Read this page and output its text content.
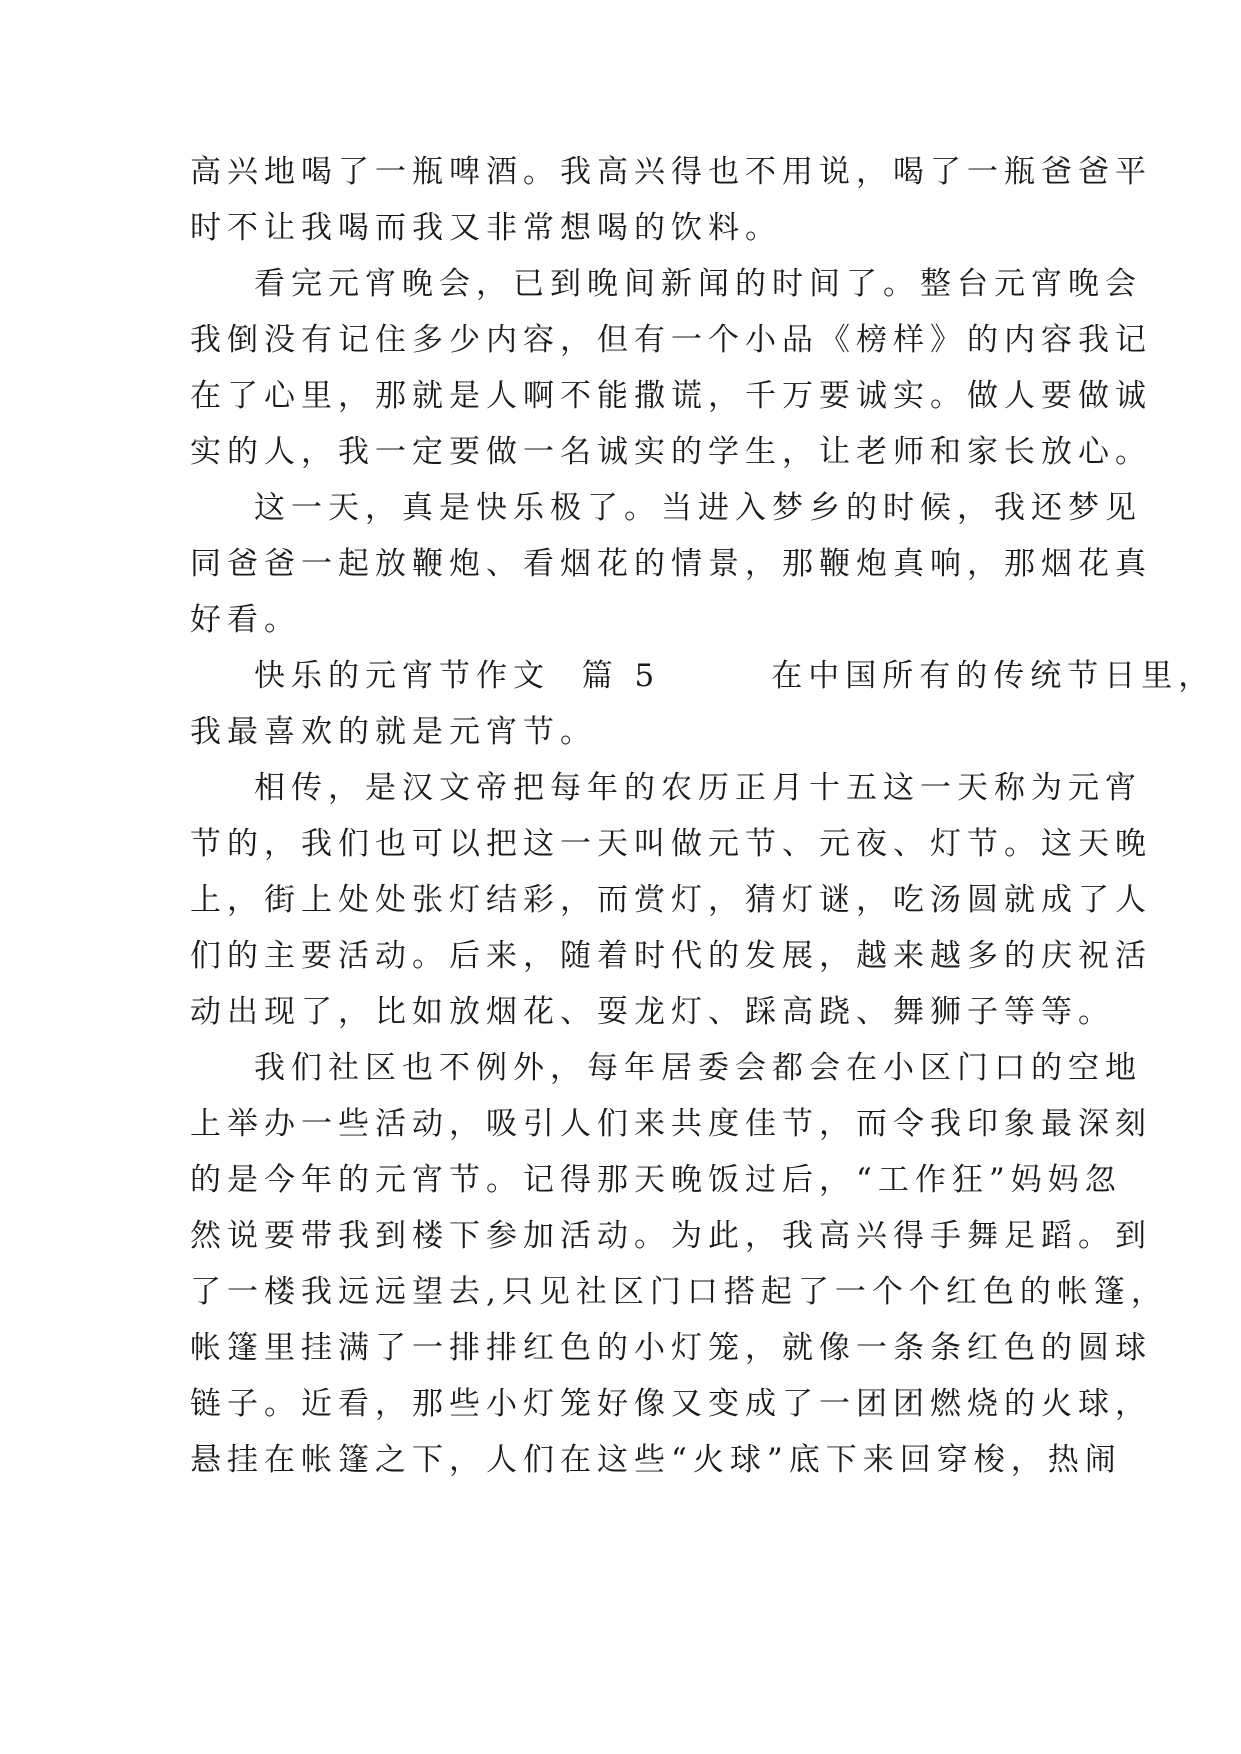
高兴地喝了一瓶啤酒。我高兴得也不用说，喝了一瓶爸爸平
时不让我喝而我又非常想喝的饮料。
看完元宵晚会，已到晚间新闻的时间了。整台元宵晚会
我倒没有记住多少内容，但有一个小品《榜样》的内容我记
在了心里，那就是人啊不能撒谎，千万要诚实。做人要做诚
实的人，我一定要做一名诚实的学生，让老师和家长放心。
这一天，真是快乐极了。当进入梦乡的时候，我还梦见
同爸爸一起放鞭炮、看烟花的情景，那鞭炮真响，那烟花真
好看。
快乐的元宵节作文  篇 5       在中国所有的传统节日里，
我最喜欢的就是元宵节。
相传，是汉文帝把每年的农历正月十五这一天称为元宵
节的，我们也可以把这一天叫做元节、元夜、灯节。这天晚
上，街上处处张灯结彩，而赏灯，猜灯谜，吃汤圆就成了人
们的主要活动。后来，随着时代的发展，越来越多的庆祝活
动出现了，比如放烟花、耍龙灯、踩高跷、舞狮子等等。
我们社区也不例外，每年居委会都会在小区门口的空地
上举办一些活动，吸引人们来共度佳节，而令我印象最深刻
的是今年的元宵节。记得那天晚饭过后，“工作狂”妈妈忽
然说要带我到楼下参加活动。为此，我高兴得手舞足蹈。到
了一楼我远远望去,只见社区门口搭起了一个个红色的帐篷，
帐篷里挂满了一排排红色的小灯笼，就像一条条红色的圆球
链子。近看，那些小灯笼好像又变成了一团团燃烧的火球，
悬挂在帐篷之下，人们在这些“火球”底下来回穿梭，热闹
